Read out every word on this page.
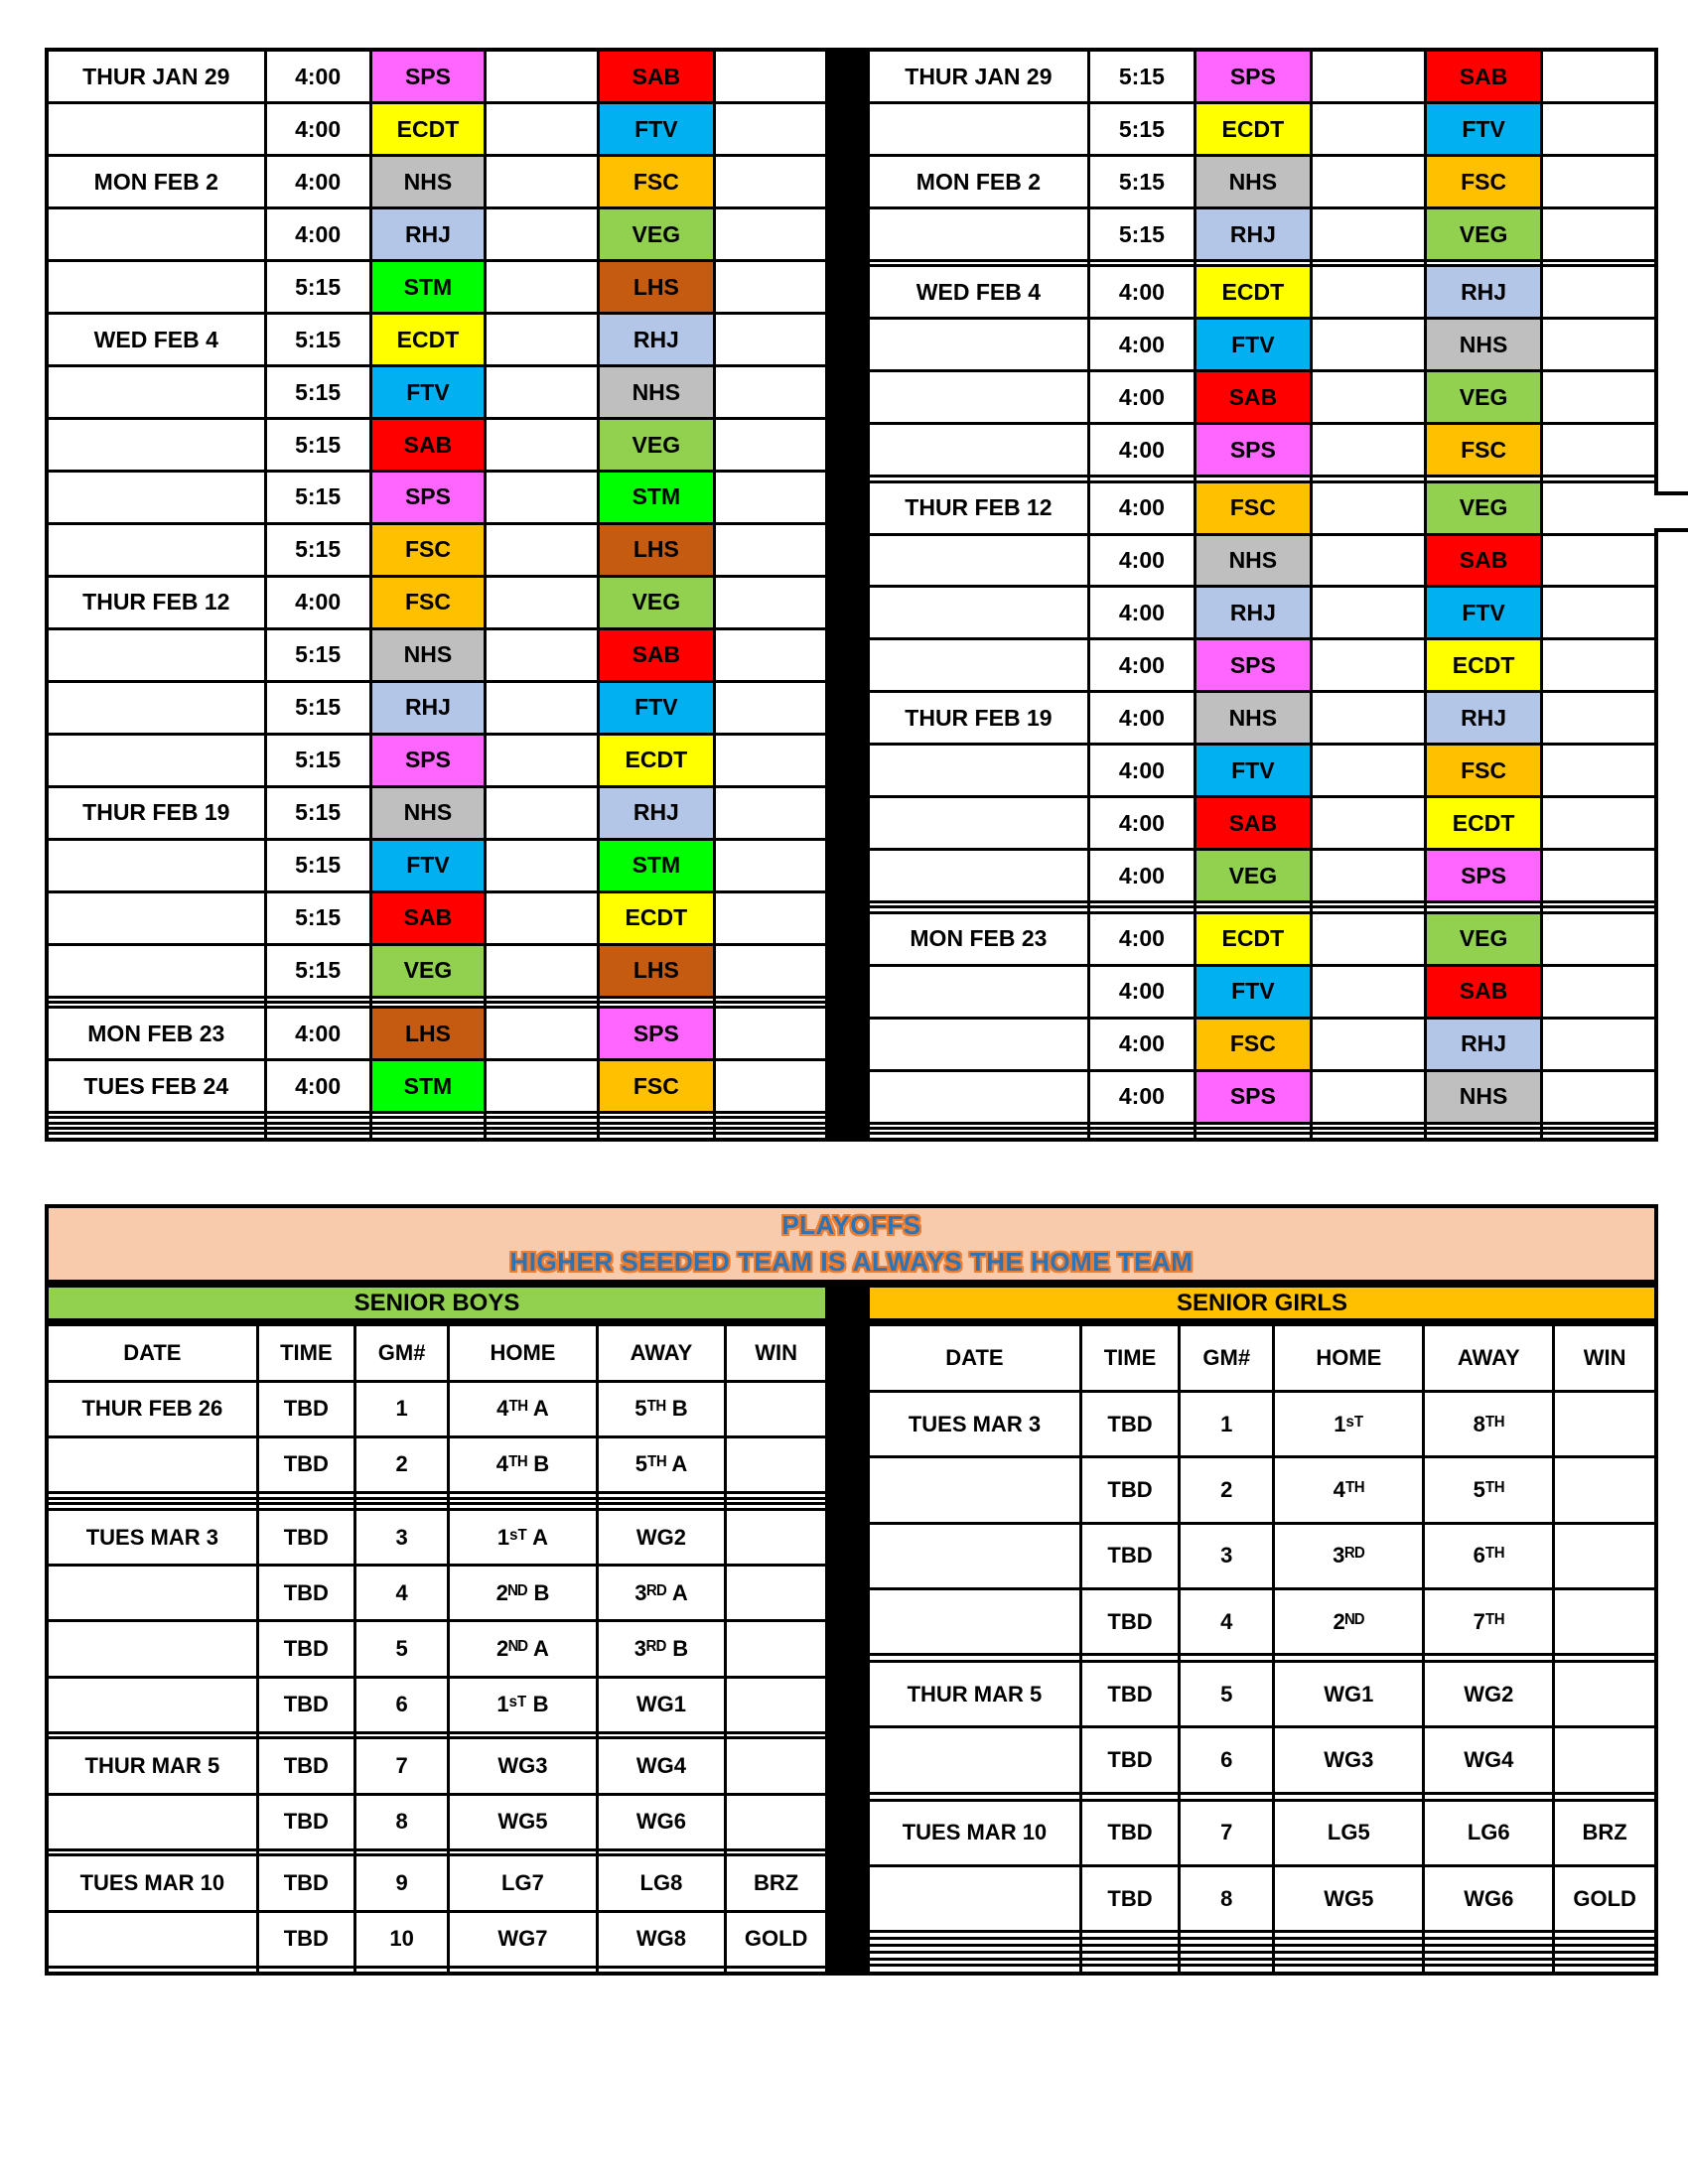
THUR JAN 29	4:00	SPS		SAB	
	4:00	ECDT		FTV	
MON FEB 2	4:00	NHS		FSC	
	4:00	RHJ		VEG	
	5:15	STM		LHS	
WED FEB 4	5:15	ECDT		RHJ	
	5:15	FTV		NHS	
	5:15	SAB		VEG	
	5:15	SPS		STM	
	5:15	FSC		LHS	
THUR FEB 12	4:00	FSC		VEG	
	5:15	NHS		SAB	
	5:15	RHJ		FTV	
	5:15	SPS		ECDT	
THUR FEB 19	5:15	NHS		RHJ	
	5:15	FTV		STM	
	5:15	SAB		ECDT	
	5:15	VEG		LHS	

MON FEB 23	4:00	LHS		SPS	
TUES FEB 24	4:00	STM		FSC	

THUR JAN 29	5:15	SPS		SAB	
	5:15	ECDT		FTV	
MON FEB 2	5:15	NHS		FSC	
	5:15	RHJ		VEG	

WED FEB 4	4:00	ECDT		RHJ	
	4:00	FTV		NHS	
	4:00	SAB		VEG	
	4:00	SPS		FSC	

THUR FEB 12	4:00	FSC		VEG	
	4:00	NHS		SAB	
	4:00	RHJ		FTV	
	4:00	SPS		ECDT	
THUR FEB 19	4:00	NHS		RHJ	
	4:00	FTV		FSC	
	4:00	SAB		ECDT	
	4:00	VEG		SPS	

MON FEB 23	4:00	ECDT		VEG	
	4:00	FTV		SAB	
	4:00	FSC		RHJ	
	4:00	SPS		NHS	

PLAYOFFS
HIGHER SEEDED TEAM IS ALWAYS THE HOME TEAM
SENIOR BOYS	SENIOR GIRLS
DATE	TIME	GM#	HOME	AWAY	WIN
THUR FEB 26	TBD	1	4ᵀᴴ A	5ᵀᴴ B	
	TBD	2	4ᵀᴴ B	5ᵀᴴ A	

TUES MAR 3	TBD	3	1ˢᵀ A	WG2	
	TBD	4	2ᴺᴰ B	3ᴿᴰ A	
	TBD	5	2ᴺᴰ A	3ᴿᴰ B	
	TBD	6	1ˢᵀ B	WG1	

THUR MAR 5	TBD	7	WG3	WG4	
	TBD	8	WG5	WG6	

TUES MAR 10	TBD	9	LG7	LG8	BRZ
	TBD	10	WG7	WG8	GOLD

DATE	TIME	GM#	HOME	AWAY	WIN
TUES MAR 3	TBD	1	1ˢᵀ	8ᵀᴴ	
	TBD	2	4ᵀᴴ	5ᵀᴴ	
	TBD	3	3ᴿᴰ	6ᵀᴴ	
	TBD	4	2ᴺᴰ	7ᵀᴴ	

THUR MAR 5	TBD	5	WG1	WG2	
	TBD	6	WG3	WG4	

TUES MAR 10	TBD	7	LG5	LG6	BRZ
	TBD	8	WG5	WG6	GOLD
